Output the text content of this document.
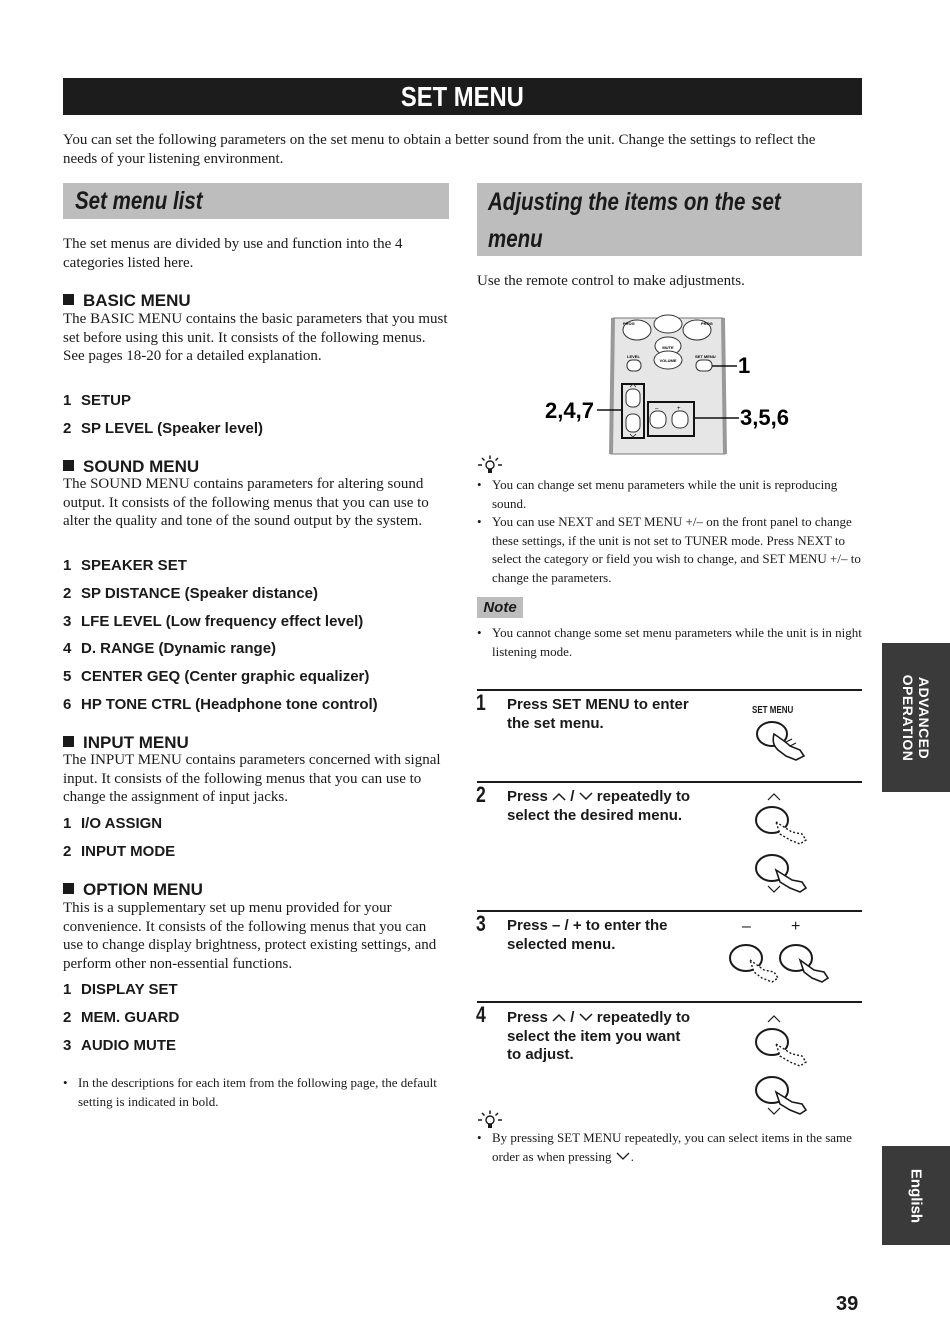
SET MENU

You can set the following parameters on the set menu to obtain a better sound from the unit. Change the settings to reflect the needs of your listening environment.

Set menu list

The set menus are divided by use and function into the 4 categories listed here.

BASIC MENU

The BASIC MENU contains the basic parameters that you must set before using this unit. It consists of the following menus. See pages 18-20 for a detailed explanation.

1 SETUP
2 SP LEVEL (Speaker level)
SOUND MENU

The SOUND MENU contains parameters for altering sound output. It consists of the following menus that you can use to alter the quality and tone of the sound output by the system.

1 SPEAKER SET
2 SP DISTANCE (Speaker distance)
3 LFE LEVEL (Low frequency effect level)
4 D. RANGE (Dynamic range)
5 CENTER GEQ (Center graphic equalizer)
6 HP TONE CTRL (Headphone tone control)
INPUT MENU

The INPUT MENU contains parameters concerned with signal input. It consists of the following menus that you can use to change the assignment of input jacks.

1 I/O ASSIGN
2 INPUT MODE
OPTION MENU

This is a supplementary set up menu provided for your convenience. It consists of the following menus that you can use to change display brightness, protect existing settings, and perform other non-essential functions.

1 DISPLAY SET
2 MEM. GUARD
3 AUDIO MUTE

• In the descriptions for each item from the following page, the default setting is indicated in bold.

Adjusting the items on the set
menu

Use the remote control to make adjustments.

MUTE
PROG	PROG
VOLUME
LEVEL	SET MENU 1
2,4,7	–	+	3,5,6

• You can change set menu parameters while the unit is reproducing sound.

• You can use NEXT and SET MENU +/– on the front panel to change these settings, if the unit is not set to TUNER mode. Press NEXT to select the category or field you wish to change, and SET MENU +/– to change the parameters.

Note

• You cannot change some set menu parameters while the unit is in night listening mode.

1 Press SET MENU to enter
the set menu.
SET MENU
2 Press / repeatedly to
select the desired menu.
3 Press – / + to enter the
selected menu.
–	+
4 Press / repeatedly to
select the item you want
to adjust.

• By pressing SET MENU repeatedly, you can select items in the same order as when pressing .

ADVANCED
OPERATION
English
39
